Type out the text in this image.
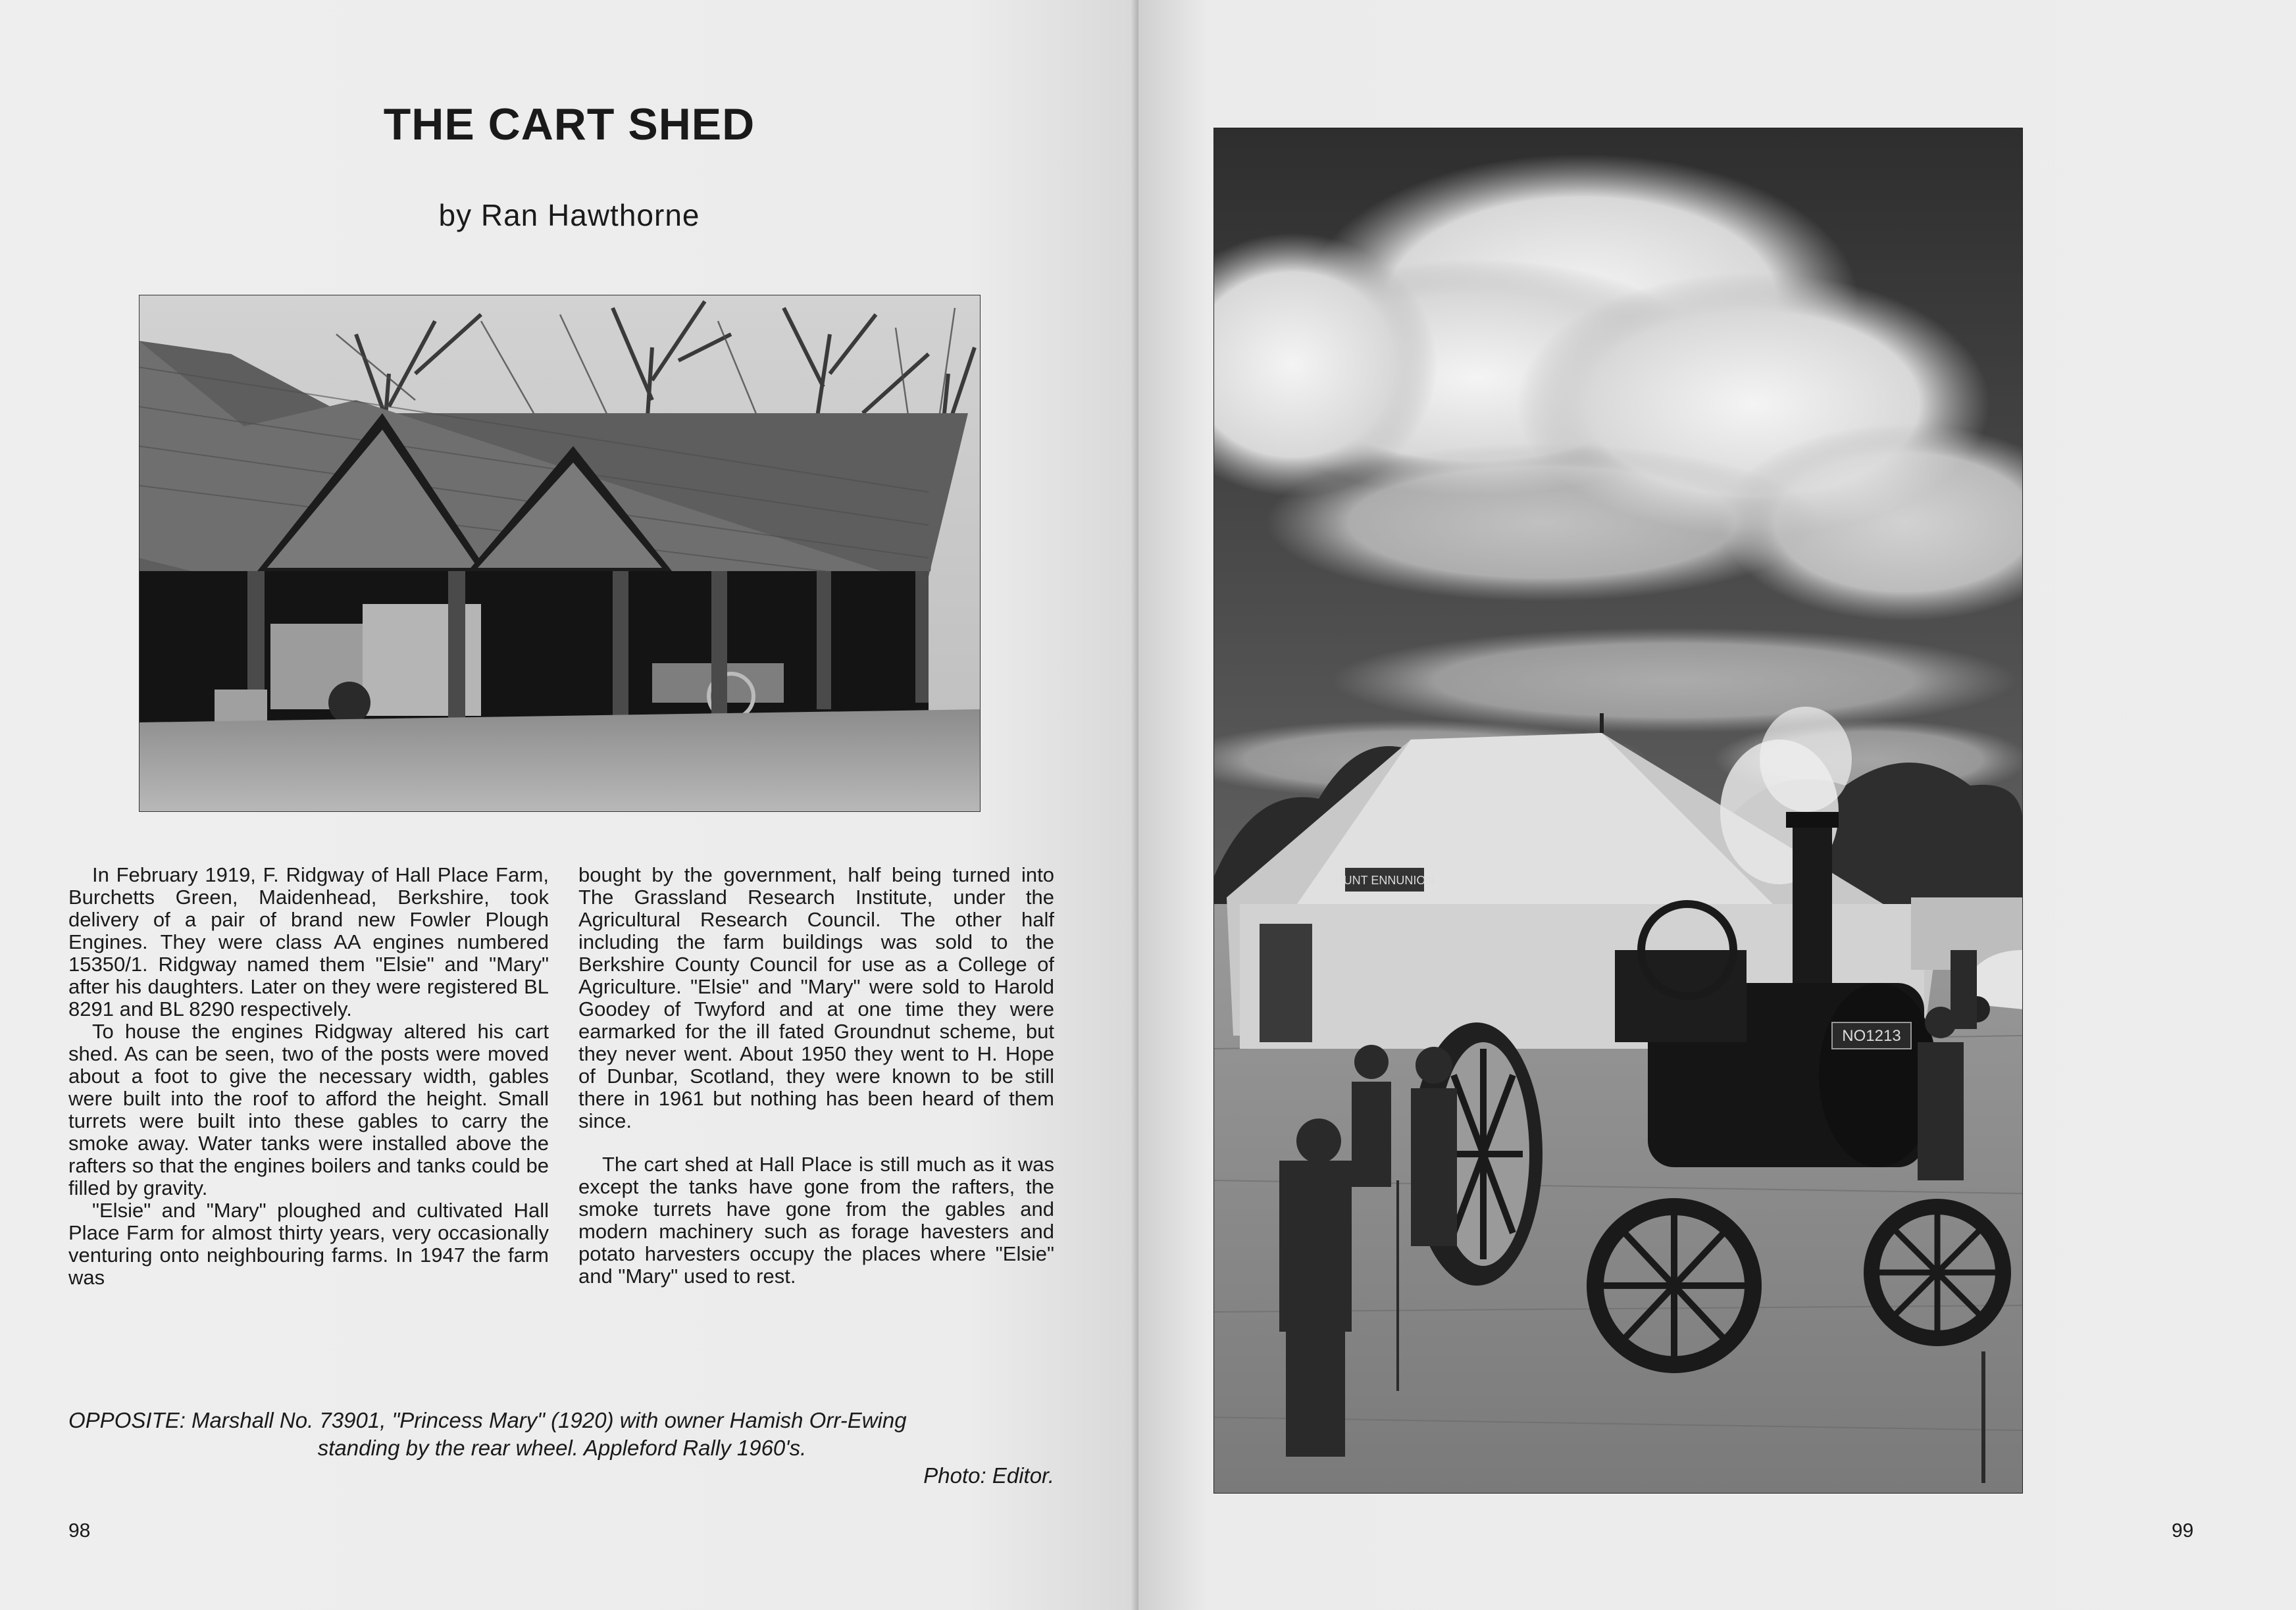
THE CART SHED
by Ran Hawthorne

In February 1919, F. Ridgway of Hall Place Farm, Burchetts Green, Maidenhead, Berkshire, took delivery of a pair of brand new Fowler Plough Engines. They were class AA engines numbered 15350/1. Ridgway named them "Elsie" and "Mary" after his daughters. Later on they were registered BL 8291 and BL 8290 respectively.

To house the engines Ridgway altered his cart shed. As can be seen, two of the posts were moved about a foot to give the necessary width, gables were built into the roof to afford the height. Small turrets were built into these gables to carry the smoke away. Water tanks were installed above the rafters so that the engines boilers and tanks could be filled by gravity.

"Elsie" and "Mary" ploughed and cultivated Hall Place Farm for almost thirty years, very occasionally venturing onto neighbouring farms. In 1947 the farm was

bought by the government, half being turned into The Grassland Research Institute, under the Agricultural Research Council. The other half including the farm buildings was sold to the Berkshire County Council for use as a College of Agriculture. "Elsie" and "Mary" were sold to Harold Goodey of Twyford and at one time they were earmarked for the ill fated Groundnut scheme, but they never went. About 1950 they went to H. Hope of Dunbar, Scotland, they were known to be still there in 1961 but nothing has been heard of them since.

The cart shed at Hall Place is still much as it was except the tanks have gone from the rafters, the smoke turrets have gone from the gables and modern machinery such as forage havesters and potato harvesters occupy the places where "Elsie" and "Mary" used to rest.

OPPOSITE: Marshall No. 73901, "Princess Mary" (1920) with owner Hamish Orr-Ewing
standing by the rear wheel. Appleford Rally 1960's.
Photo: Editor.
98
HUNT ENNUNION
NO1213
99
